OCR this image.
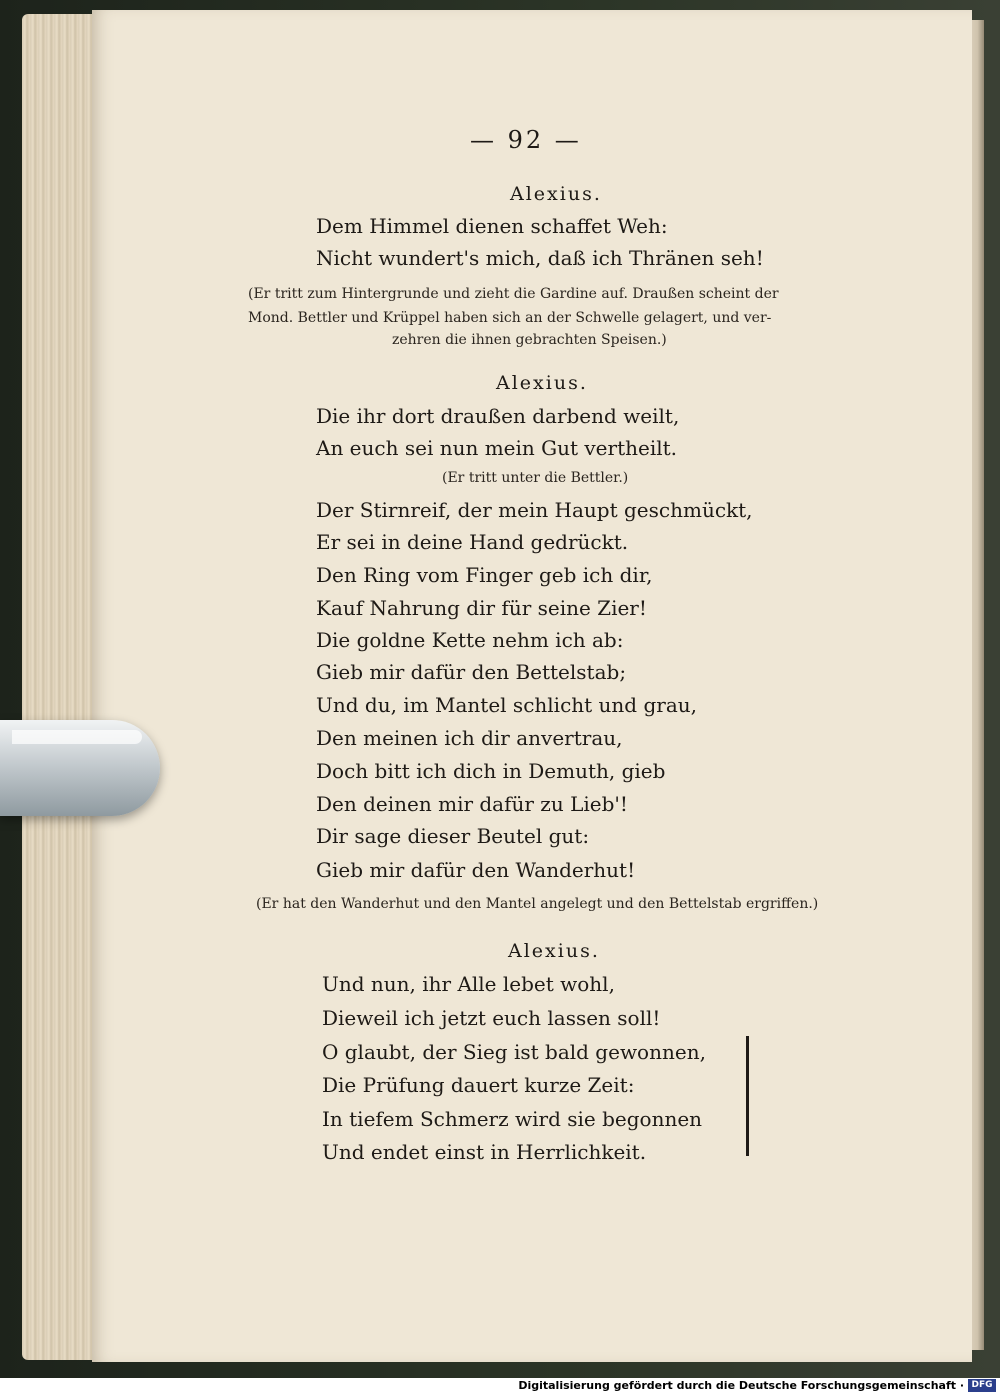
— 92 —
Alexius.
Dem Himmel dienen schaffet Weh:
Nicht wundert's mich, daß ich Thränen seh!
(Er tritt zum Hintergrunde und zieht die Gardine auf. Draußen scheint der
Mond. Bettler und Krüppel haben sich an der Schwelle gelagert, und ver-
zehren die ihnen gebrachten Speisen.)
Alexius.
Die ihr dort draußen darbend weilt,
An euch sei nun mein Gut vertheilt.
(Er tritt unter die Bettler.)
Der Stirnreif, der mein Haupt geschmückt,
Er sei in deine Hand gedrückt.
Den Ring vom Finger geb ich dir,
Kauf Nahrung dir für seine Zier!
Die goldne Kette nehm ich ab:
Gieb mir dafür den Bettelstab;
Und du, im Mantel schlicht und grau,
Den meinen ich dir anvertrau,
Doch bitt ich dich in Demuth, gieb
Den deinen mir dafür zu Lieb'!
Dir sage dieser Beutel gut:
Gieb mir dafür den Wanderhut!
(Er hat den Wanderhut und den Mantel angelegt und den Bettelstab ergriffen.)
Alexius.
Und nun, ihr Alle lebet wohl,
Dieweil ich jetzt euch lassen soll!
O glaubt, der Sieg ist bald gewonnen,
Die Prüfung dauert kurze Zeit:
In tiefem Schmerz wird sie begonnen
Und endet einst in Herrlichkeit.
Digitalisierung gefördert durch die Deutsche Forschungsgemeinschaft · DFG
